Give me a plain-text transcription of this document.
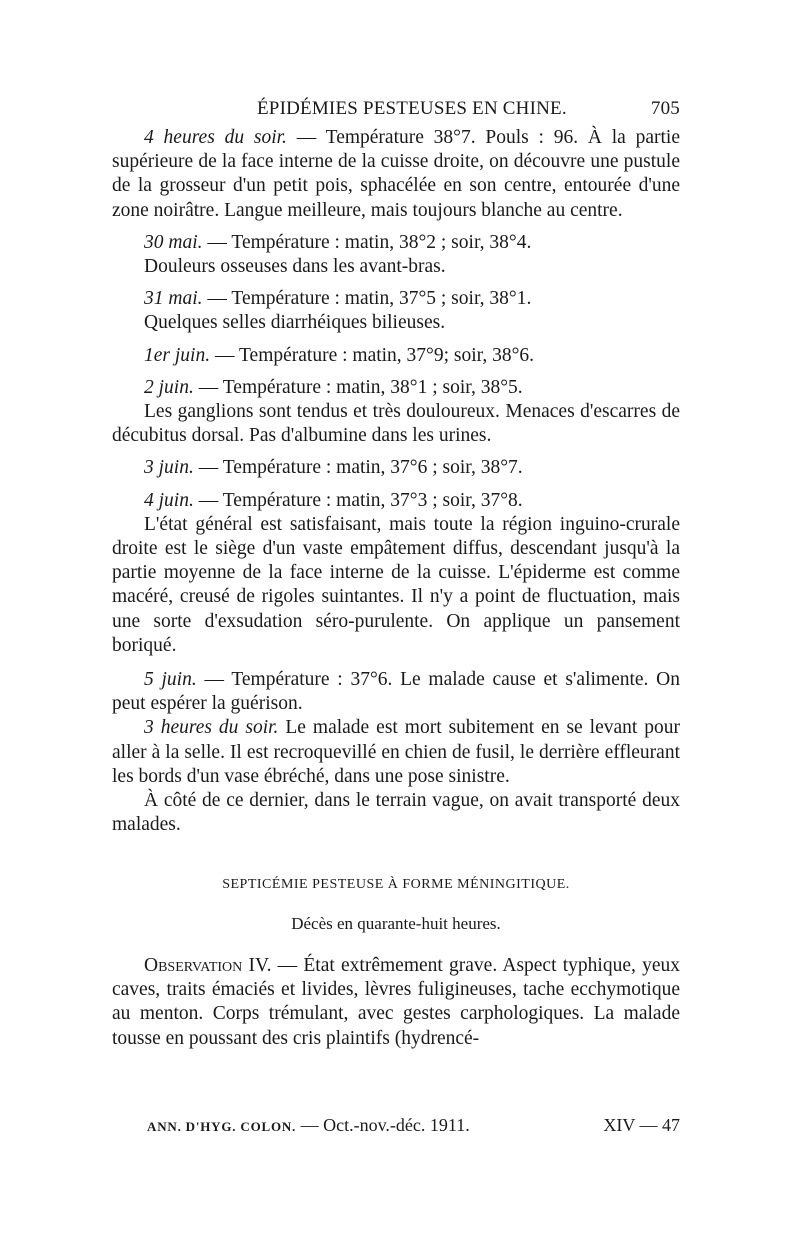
ÉPIDÉMIES PESTEUSES EN CHINE.	705

4 heures du soir. — Température 38°7. Pouls : 96. À la partie supérieure de la face interne de la cuisse droite, on découvre une pustule de la grosseur d'un petit pois, sphacélée en son centre, entourée d'une zone noirâtre. Langue meilleure, mais toujours blanche au centre.

30 mai. — Température : matin, 38°2 ; soir, 38°4.

Douleurs osseuses dans les avant-bras.

31 mai. — Température : matin, 37°5 ; soir, 38°1.

Quelques selles diarrhéiques bilieuses.

1er juin. — Température : matin, 37°9; soir, 38°6.

2 juin. — Température : matin, 38°1 ; soir, 38°5.

Les ganglions sont tendus et très douloureux. Menaces d'escarres de décubitus dorsal. Pas d'albumine dans les urines.

3 juin. — Température : matin, 37°6 ; soir, 38°7.

4 juin. — Température : matin, 37°3 ; soir, 37°8.

L'état général est satisfaisant, mais toute la région inguino-crurale droite est le siège d'un vaste empâtement diffus, descendant jusqu'à la partie moyenne de la face interne de la cuisse. L'épiderme est comme macéré, creusé de rigoles suintantes. Il n'y a point de fluctuation, mais une sorte d'exsudation séro-purulente. On applique un pansement boriqué.

5 juin. — Température : 37°6. Le malade cause et s'alimente. On peut espérer la guérison.

3 heures du soir. Le malade est mort subitement en se levant pour aller à la selle. Il est recroquevillé en chien de fusil, le derrière effleurant les bords d'un vase ébréché, dans une pose sinistre.

À côté de ce dernier, dans le terrain vague, on avait transporté deux malades.

SEPTICÉMIE PESTEUSE À FORME MÉNINGITIQUE.
Décès en quarante-huit heures.

Observation IV. — État extrêmement grave. Aspect typhique, yeux caves, traits émaciés et livides, lèvres fuligineuses, tache ecchymotique au menton. Corps trémulant, avec gestes carphologiques. La malade tousse en poussant des cris plaintifs (hydrencé-

ANN. D'HYG. COLON. — Oct.-nov.-déc. 1911.	XIV — 47
